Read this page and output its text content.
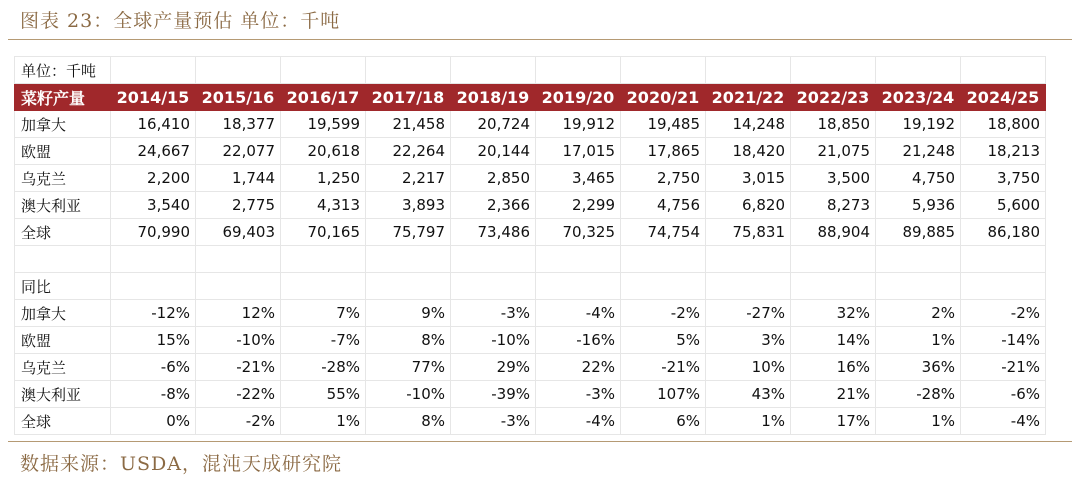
图表 23：全球产量预估 单位：千吨
单位：千吨											
菜籽产量	2014/15	2015/16	2016/17	2017/18	2018/19	2019/20	2020/21	2021/22	2022/23	2023/24	2024/25
加拿大	16,410	18,377	19,599	21,458	20,724	19,912	19,485	14,248	18,850	19,192	18,800
欧盟	24,667	22,077	20,618	22,264	20,144	17,015	17,865	18,420	21,075	21,248	18,213
乌克兰	2,200	1,744	1,250	2,217	2,850	3,465	2,750	3,015	3,500	4,750	3,750
澳大利亚	3,540	2,775	4,313	3,893	2,366	2,299	4,756	6,820	8,273	5,936	5,600
全球	70,990	69,403	70,165	75,797	73,486	70,325	74,754	75,831	88,904	89,885	86,180

同比											
加拿大	-12%	12%	7%	9%	-3%	-4%	-2%	-27%	32%	2%	-2%
欧盟	15%	-10%	-7%	8%	-10%	-16%	5%	3%	14%	1%	-14%
乌克兰	-6%	-21%	-28%	77%	29%	22%	-21%	10%	16%	36%	-21%
澳大利亚	-8%	-22%	55%	-10%	-39%	-3%	107%	43%	21%	-28%	-6%
全球	0%	-2%	1%	8%	-3%	-4%	6%	1%	17%	1%	-4%
数据来源：USDA，混沌天成研究院
